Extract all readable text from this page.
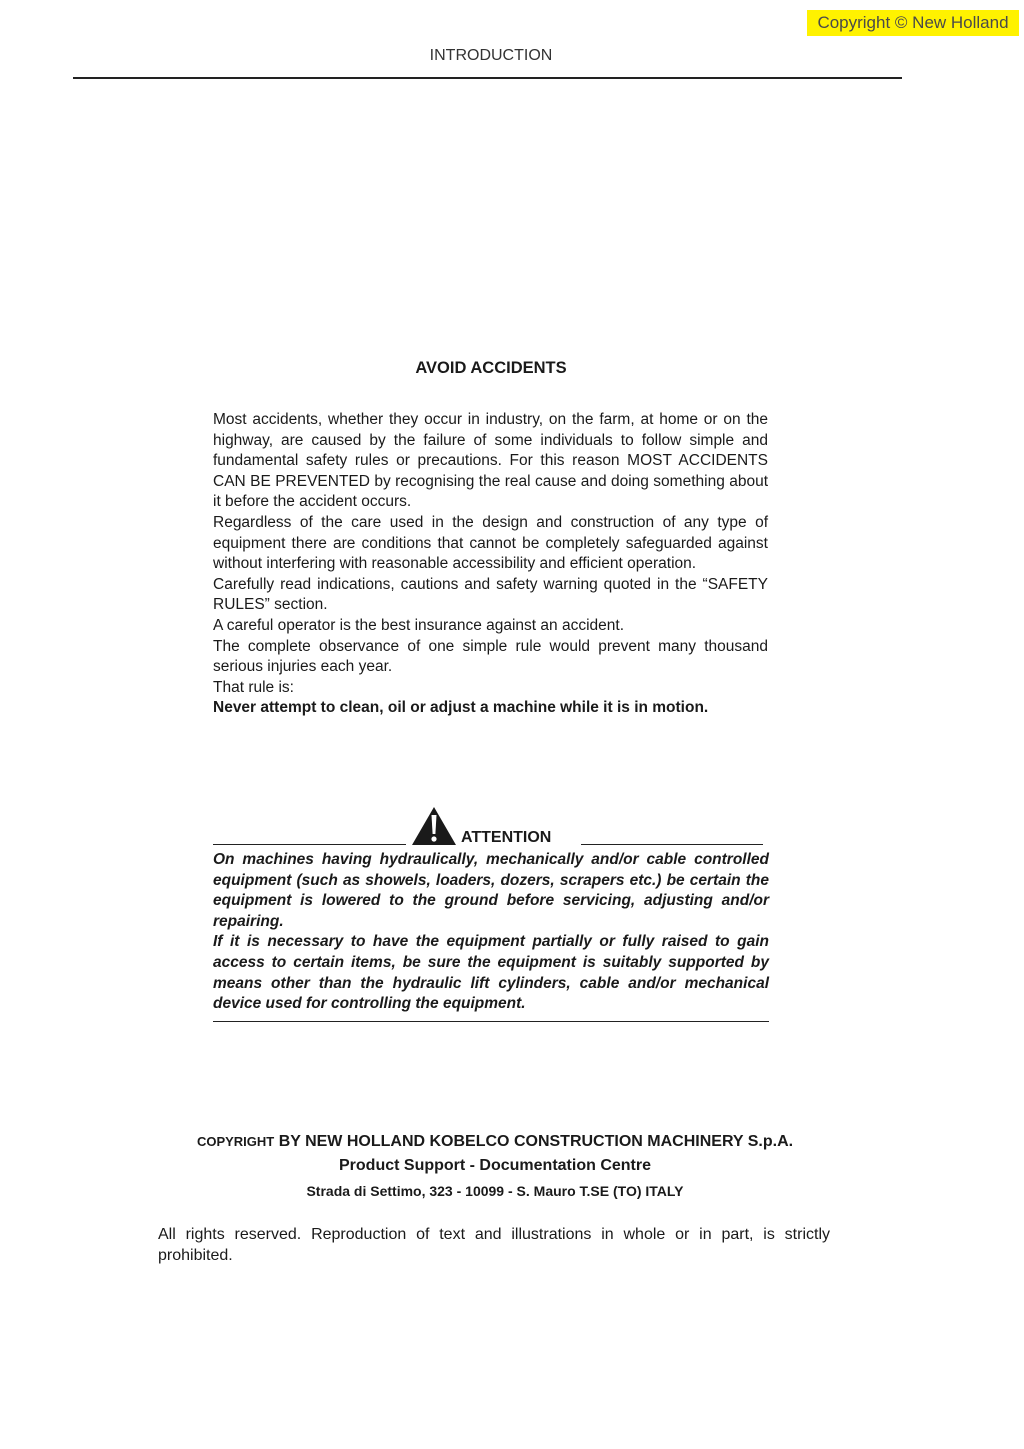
Copyright © New Holland
INTRODUCTION
AVOID ACCIDENTS

Most accidents, whether they occur in industry, on the farm, at home or on the highway, are caused by the failure of some individuals to follow simple and fundamental safety rules or precautions. For this reason MOST ACCIDENTS CAN BE PREVENTED by recognising the real cause and doing something about it before the accident occurs.

Regardless of the care used in the design and construction of any type of equipment there are conditions that cannot be completely safeguarded against without interfering with reasonable accessibility and efficient operation.

Carefully read indications, cautions and safety warning quoted in the “SAFETY RULES” section.

A careful operator is the best insurance against an accident.

The complete observance of one simple rule would prevent many thousand serious injuries each year.

That rule is:

Never attempt to clean, oil or adjust a machine while it is in motion.

ATTENTION

On machines having hydraulically, mechanically and/or cable controlled equipment (such as showels, loaders, dozers, scrapers etc.) be certain the equipment is lowered to the ground before servicing, adjusting and/or repairing.

If it is necessary to have the equipment partially or fully raised to gain access to certain items, be sure the equipment is suitably supported by means other than the hydraulic lift cylinders, cable and/or mechanical device used for controlling the equipment.

COPYRIGHT BY NEW HOLLAND KOBELCO CONSTRUCTION MACHINERY S.p.A.
Product Support - Documentation Centre
Strada di Settimo, 323 - 10099 - S. Mauro T.SE (TO) ITALY
All rights reserved. Reproduction of text and illustrations in whole or in part, is strictly prohibited.
